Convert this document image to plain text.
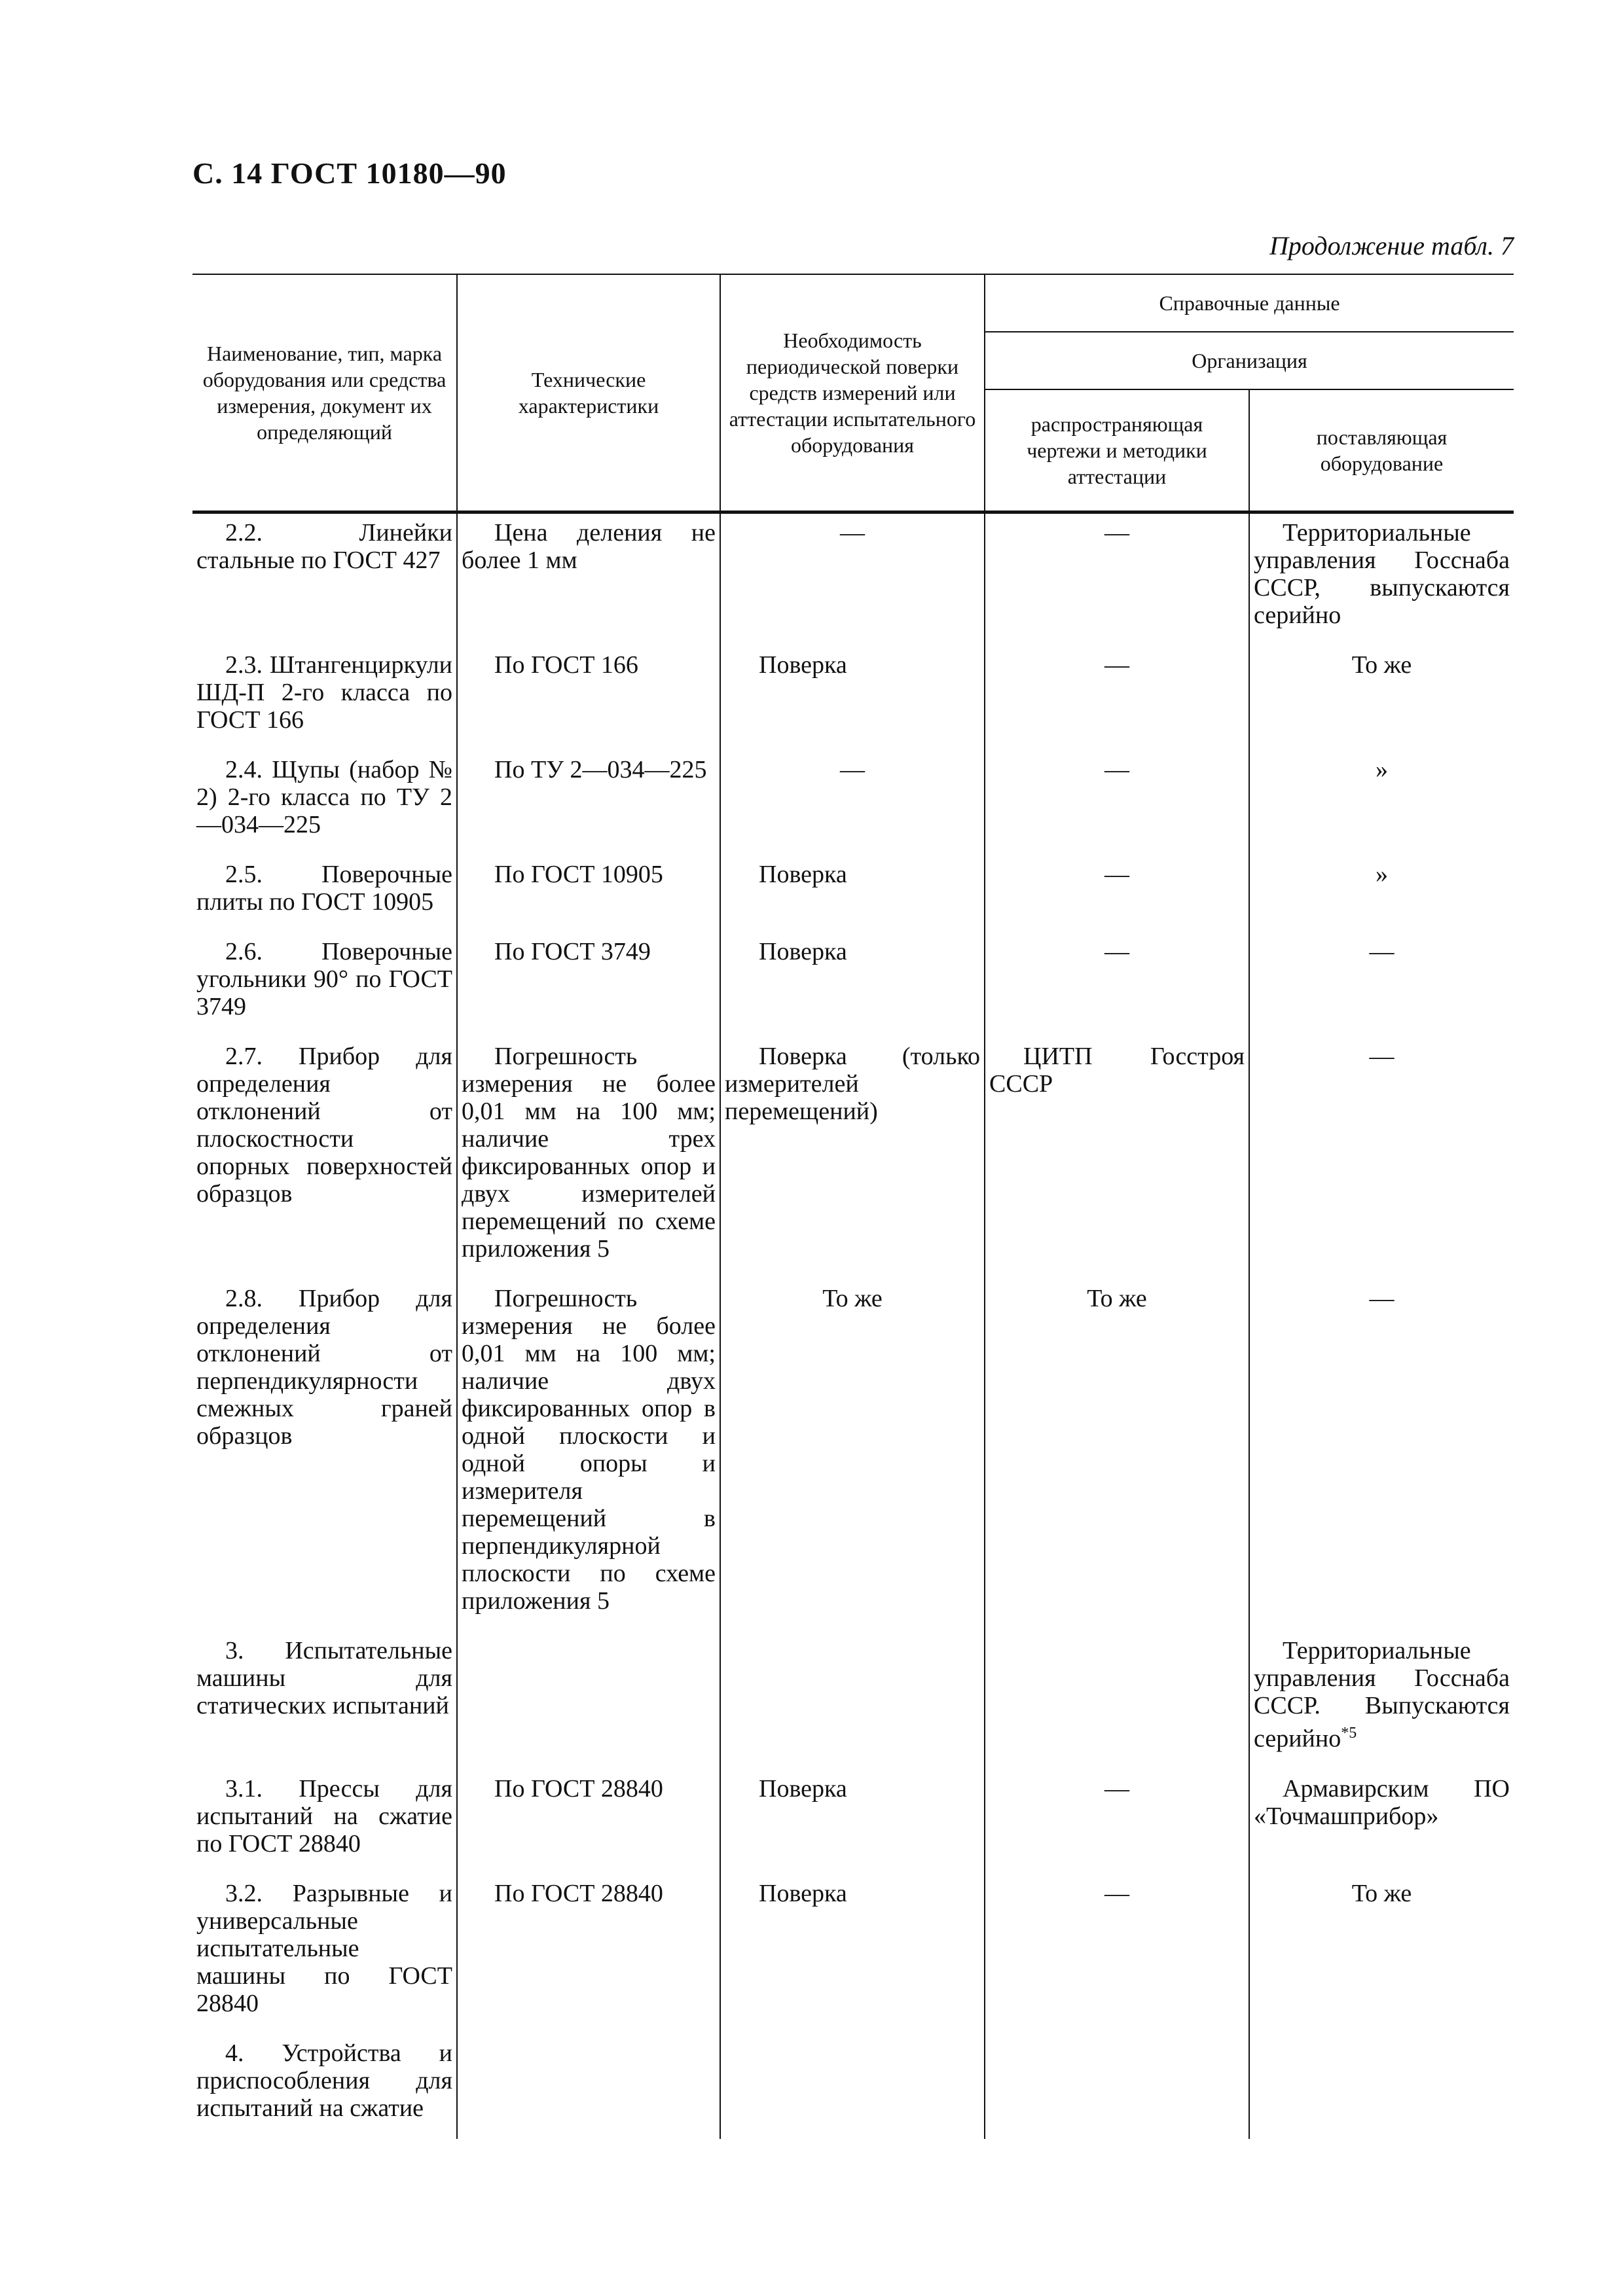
С. 14 ГОСТ 10180—90
Продолжение табл. 7
Наименование, тип, марка оборудования или средства измерения, документ их определяющий	Технические характеристики	Необходимость периодической поверки средств измерений или аттестации испытательного оборудования	Справочные данные	
			Организация	
			распространяющая чертежи и методики аттестации	поставляющая оборудование
2.2. Линейки стальные по ГОСТ 427	Цена деления не более 1 мм	—	—	Территориальные управления Госснаба СССР, выпускаются серийно
2.3. Штангенциркули ШД-П 2-го класса по ГОСТ 166	По ГОСТ 166	Поверка	—	То же
2.4. Щупы (набор № 2) 2-го класса по ТУ 2—034—225	По ТУ 2—034—225	—	—	»
2.5. Поверочные плиты по ГОСТ 10905	По ГОСТ 10905	Поверка	—	»
2.6. Поверочные угольники 90° по ГОСТ 3749	По ГОСТ 3749	Поверка	—	—
2.7. Прибор для определения отклонений от плоскостности опорных поверхностей образцов	Погрешность измерения не более 0,01 мм на 100 мм; наличие трех фиксированных опор и двух измерителей перемещений по схеме приложения 5	Поверка (только измерителей перемещений)	ЦИТП Госстроя СССР	—
2.8. Прибор для определения отклонений от перпендикулярности смежных граней образцов	Погрешность измерения не более 0,01 мм на 100 мм; наличие двух фиксированных опор в одной плоскости и одной опоры и измерителя перемещений в перпендикулярной плоскости по схеме приложения 5	То же	То же	—
3. Испытательные машины для статических испытаний				Территориальные управления Госснаба СССР. Выпускаются серийно$^{*5}$
3.1. Прессы для испытаний на сжатие по ГОСТ 28840	По ГОСТ 28840	Поверка	—	Армавирским ПО «Точмашприбор»
3.2. Разрывные и универсальные испытательные машины по ГОСТ 28840	По ГОСТ 28840	Поверка	—	То же
4. Устройства и приспособления для испытаний на сжатие				
